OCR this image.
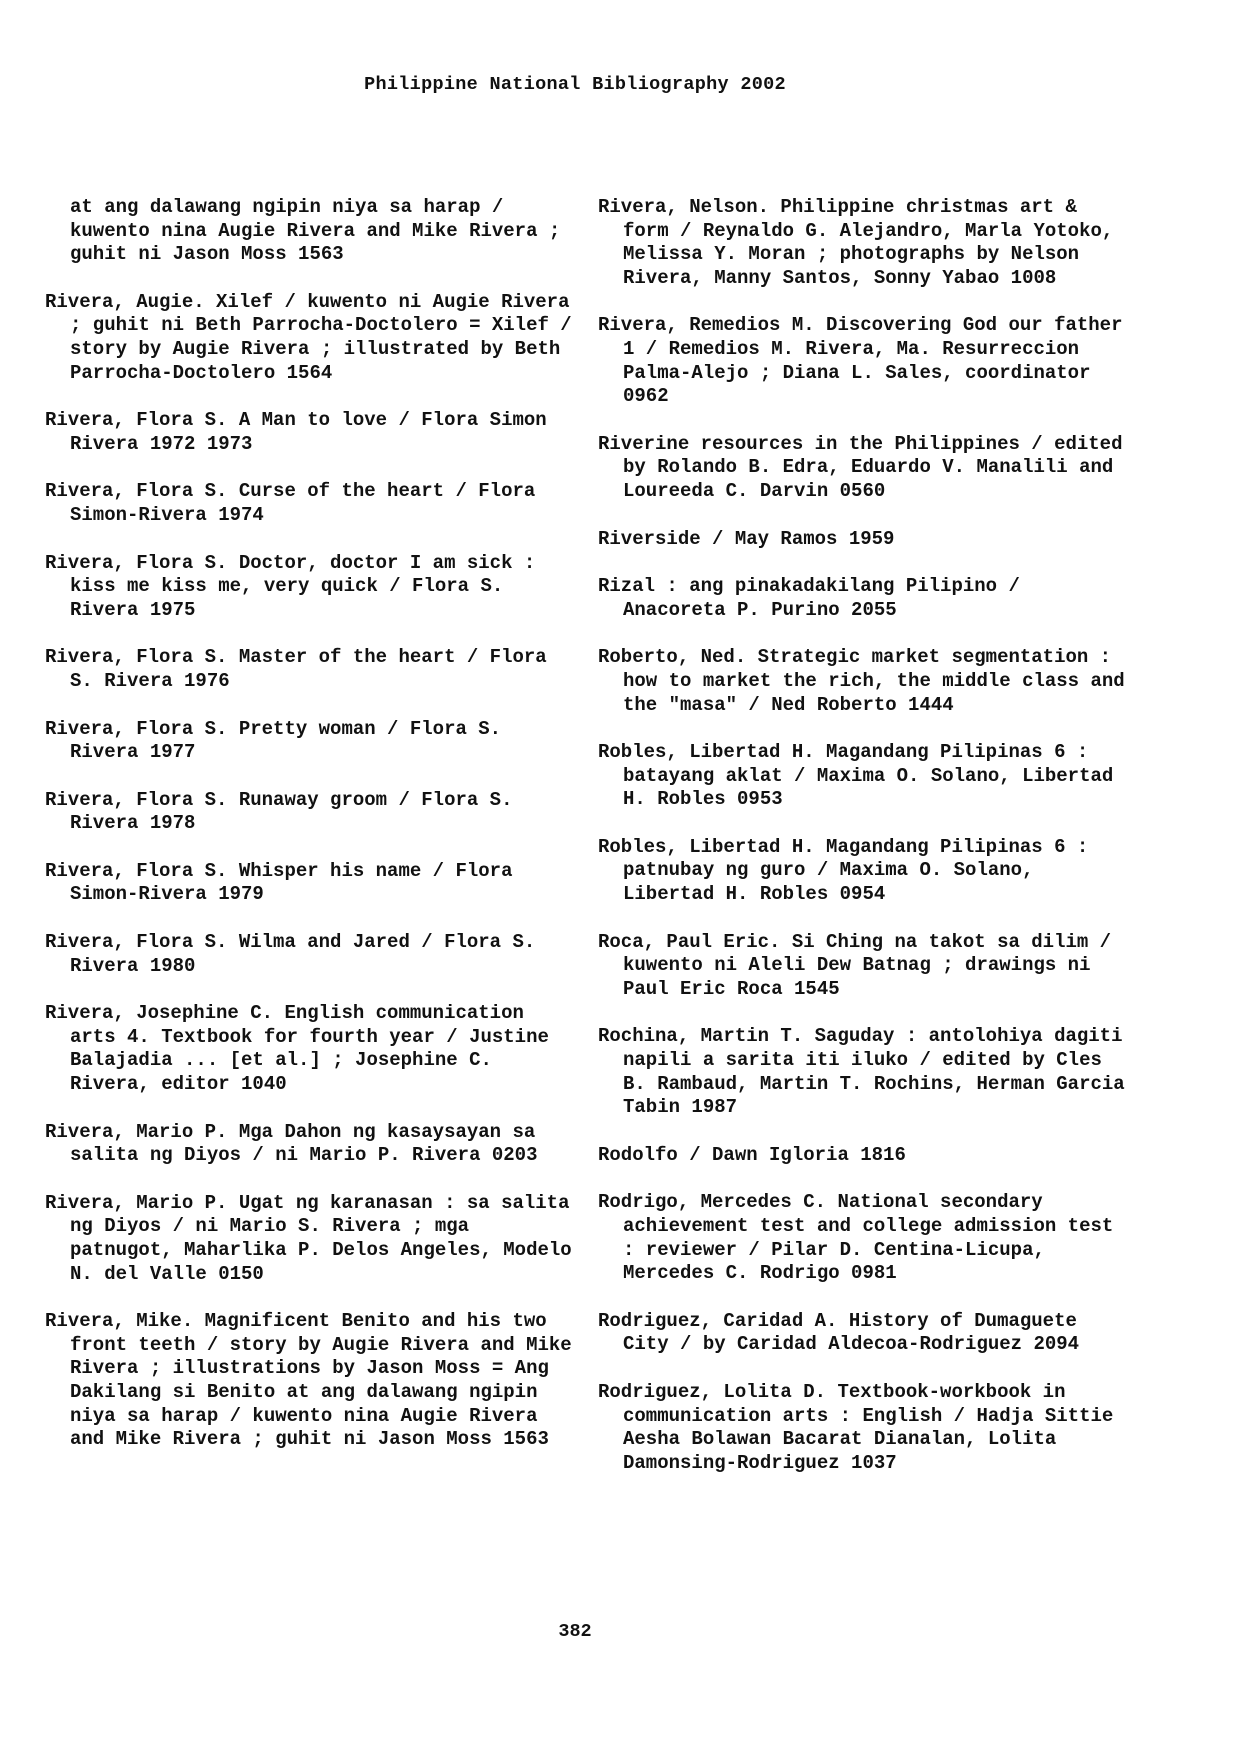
Philippine National Bibliography 2002
at ang dalawang ngipin niya sa harap / kuwento nina Augie Rivera and Mike Rivera ; guhit ni Jason Moss 1563
Rivera, Augie. Xilef / kuwento ni Augie Rivera ; guhit ni Beth Parrocha-Doctolero = Xilef / story by Augie Rivera ; illustrated by Beth Parrocha-Doctolero 1564
Rivera, Flora S. A Man to love / Flora Simon Rivera 1972 1973
Rivera, Flora S. Curse of the heart / Flora Simon-Rivera 1974
Rivera, Flora S. Doctor, doctor I am sick : kiss me kiss me, very quick / Flora S. Rivera 1975
Rivera, Flora S. Master of the heart / Flora S. Rivera 1976
Rivera, Flora S. Pretty woman / Flora S. Rivera 1977
Rivera, Flora S. Runaway groom / Flora S. Rivera 1978
Rivera, Flora S. Whisper his name / Flora Simon-Rivera 1979
Rivera, Flora S. Wilma and Jared / Flora S. Rivera 1980
Rivera, Josephine C. English communication arts 4. Textbook for fourth year / Justine Balajadia ... [et al.] ; Josephine C. Rivera, editor 1040
Rivera, Mario P. Mga Dahon ng kasaysayan sa salita ng Diyos / ni Mario P. Rivera 0203
Rivera, Mario P. Ugat ng karanasan : sa salita ng Diyos / ni Mario S. Rivera ; mga patnugot, Maharlika P. Delos Angeles, Modelo N. del Valle 0150
Rivera, Mike. Magnificent Benito and his two front teeth / story by Augie Rivera and Mike Rivera ; illustrations by Jason Moss = Ang Dakilang si Benito at ang dalawang ngipin niya sa harap / kuwento nina Augie Rivera and Mike Rivera ; guhit ni Jason Moss 1563
Rivera, Nelson. Philippine christmas art & form / Reynaldo G. Alejandro, Marla Yotoko, Melissa Y. Moran ; photographs by Nelson Rivera, Manny Santos, Sonny Yabao 1008
Rivera, Remedios M. Discovering God our father 1 / Remedios M. Rivera, Ma. Resurreccion Palma-Alejo ; Diana L. Sales, coordinator 0962
Riverine resources in the Philippines / edited by Rolando B. Edra, Eduardo V. Manalili and Loureeda C. Darvin 0560
Riverside / May Ramos 1959
Rizal : ang pinakadakilang Pilipino / Anacoreta P. Purino 2055
Roberto, Ned. Strategic market segmentation : how to market the rich, the middle class and the "masa" / Ned Roberto 1444
Robles, Libertad H. Magandang Pilipinas 6 : batayang aklat / Maxima O. Solano, Libertad H. Robles 0953
Robles, Libertad H. Magandang Pilipinas 6 : patnubay ng guro / Maxima O. Solano, Libertad H. Robles 0954
Roca, Paul Eric. Si Ching na takot sa dilim / kuwento ni Aleli Dew Batnag ; drawings ni Paul Eric Roca 1545
Rochina, Martin T. Saguday : antolohiya dagiti napili a sarita iti iluko / edited by Cles B. Rambaud, Martin T. Rochins, Herman Garcia Tabin 1987
Rodolfo / Dawn Igloria 1816
Rodrigo, Mercedes C. National secondary achievement test and college admission test : reviewer / Pilar D. Centina-Licupa, Mercedes C. Rodrigo 0981
Rodriguez, Caridad A. History of Dumaguete City / by Caridad Aldecoa-Rodriguez 2094
Rodriguez, Lolita D. Textbook-workbook in communication arts : English / Hadja Sittie Aesha Bolawan Bacarat Dianalan, Lolita Damonsing-Rodriguez 1037
382
